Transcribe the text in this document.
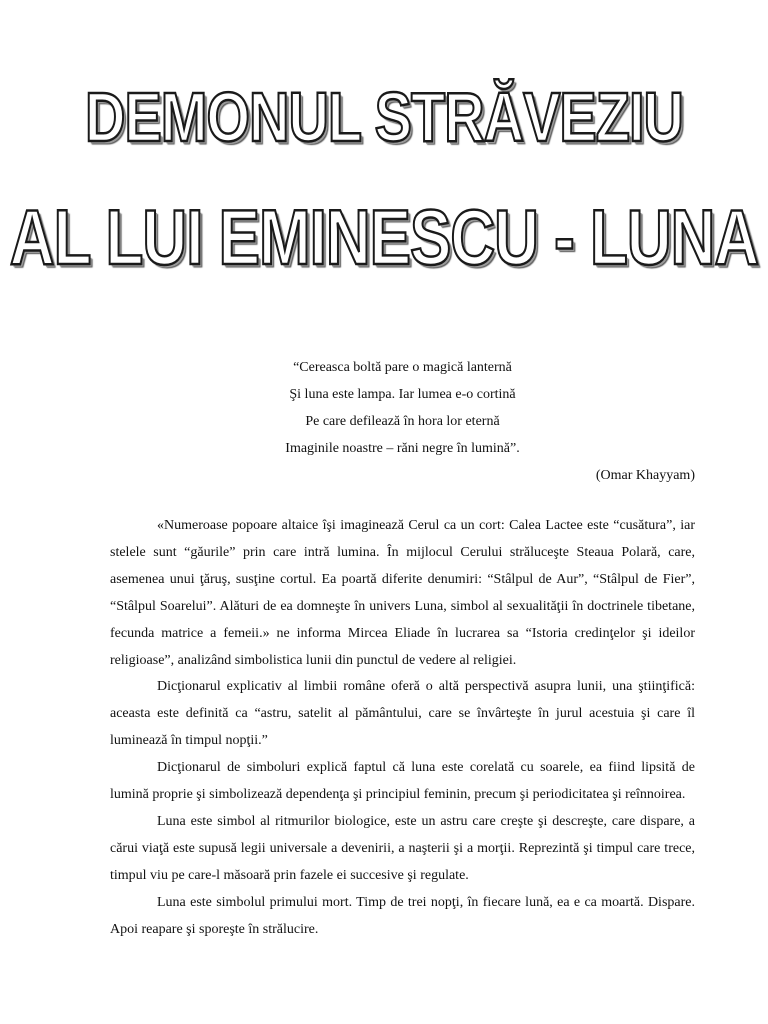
DEMONUL STRĂVEZIU
AL LUI EMINESCU - LUNA
“Cereasca boltă pare o magică lanternă
Şi luna este lampa. Iar lumea e-o cortină
Pe care defilează în hora lor eternă
Imaginile noastre – răni negre în lumină”.
(Omar Khayyam)

«Numeroase popoare altaice îşi imaginează Cerul ca un cort: Calea Lactee este “cusătura”, iar stelele sunt “găurile” prin care intră lumina. În mijlocul Cerului străluceşte Steaua Polară, care, asemenea unui ţăruş, susţine cortul. Ea poartă diferite denumiri: “Stâlpul de Aur”, “Stâlpul de Fier”, “Stâlpul Soarelui”. Alături de ea domneşte în univers Luna, simbol al sexualităţii în doctrinele tibetane, fecunda matrice a femeii.» ne informa Mircea Eliade în lucrarea sa “Istoria credinţelor şi ideilor religioase”, analizând simbolistica lunii din punctul de vedere al religiei.

Dicţionarul explicativ al limbii române oferă o altă perspectivă asupra lunii, una ştiinţifică: aceasta este definită ca “astru, satelit al pământului, care se învârteşte în jurul acestuia şi care îl luminează în timpul nopţii.”

Dicţionarul de simboluri explică faptul că luna este corelată cu soarele, ea fiind lipsită de lumină proprie şi simbolizează dependenţa şi principiul feminin, precum şi periodicitatea şi reînnoirea.

Luna este simbol al ritmurilor biologice, este un astru care creşte şi descreşte, care dispare, a cărui viaţă este supusă legii universale a devenirii, a naşterii şi a morţii. Reprezintă şi timpul care trece, timpul viu pe care-l măsoară prin fazele ei succesive şi regulate.

Luna este simbolul primului mort. Timp de trei nopţi, în fiecare lună, ea e ca moartă. Dispare. Apoi reapare şi sporeşte în strălucire.
